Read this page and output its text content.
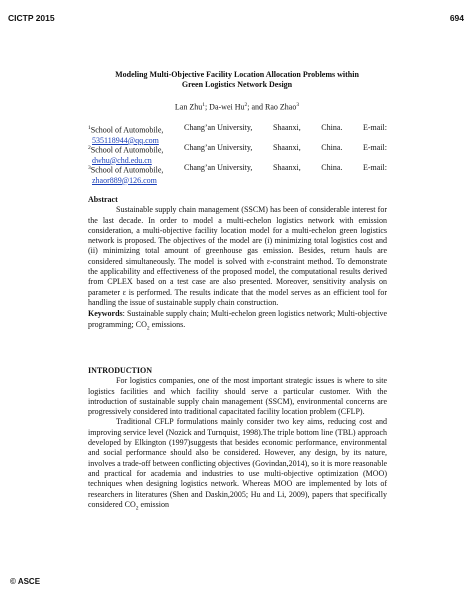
CICTP 2015	694
Modeling Multi-Objective Facility Location Allocation Problems within
Green Logistics Network Design
Lan Zhu$^1$; Da-wei Hu$^2$; and Rao Zhao$^3$
$^1$School of Automobile,	Chang’an University,	Shaanxi,	China.	E-mail:
535118944@qq.com
$^2$School of Automobile,	Chang’an University,	Shaanxi,	China.	E-mail:
dwhu@chd.edu.cn
$^3$School of Automobile,	Chang’an University,	Shaanxi,	China.	E-mail:
zhaor889@126.com
Abstract
Sustainable supply chain management (SSCM) has been of considerable interest for the last decade. In order to model a multi-echelon logistics network with emission consideration, a multi-objective facility location model for a multi-echelon green logistics network is proposed. The objectives of the model are (i) minimizing total logistics cost and (ii) minimizing total amount of greenhouse gas emission. Besides, return hauls are considered simultaneously. The model is solved with ε-constraint method. To demonstrate the applicability and effectiveness of the proposed model, the computational results derived from CPLEX based on a test case are also presented. Moreover, sensitivity analysis on parameter ε is performed. The results indicate that the model serves as an efficient tool for handling the issue of sustainable supply chain construction.
Keywords: Sustainable supply chain; Multi-echelon green logistics network; Multi-objective programming; $CO_2$ emissions.
INTRODUCTION
For logistics companies, one of the most important strategic issues is where to site logistics facilities and which facility should serve a particular customer. With the introduction of sustainable supply chain management (SSCM), environmental concerns are progressively considered into traditional capacitated facility location problem (CFLP).
Traditional CFLP formulations mainly consider two key aims, reducing cost and improving service level (Nozick and Turnquist, 1998).The triple bottom line (TBL) approach developed by Elkington (1997)suggests that besides economic performance, environmental and social performance should also be considered. However, any design, by its nature, involves a trade-off between conflicting objectives (Govindan,2014), so it is more reasonable and practical for academia and industries to use multi-objective optimization (MOO) techniques when designing logistics network. Whereas MOO are implemented by lots of researchers in literatures (Shen and Daskin,2005; Hu and Li, 2009), papers that specifically considered $CO_2$ emission
© ASCE
